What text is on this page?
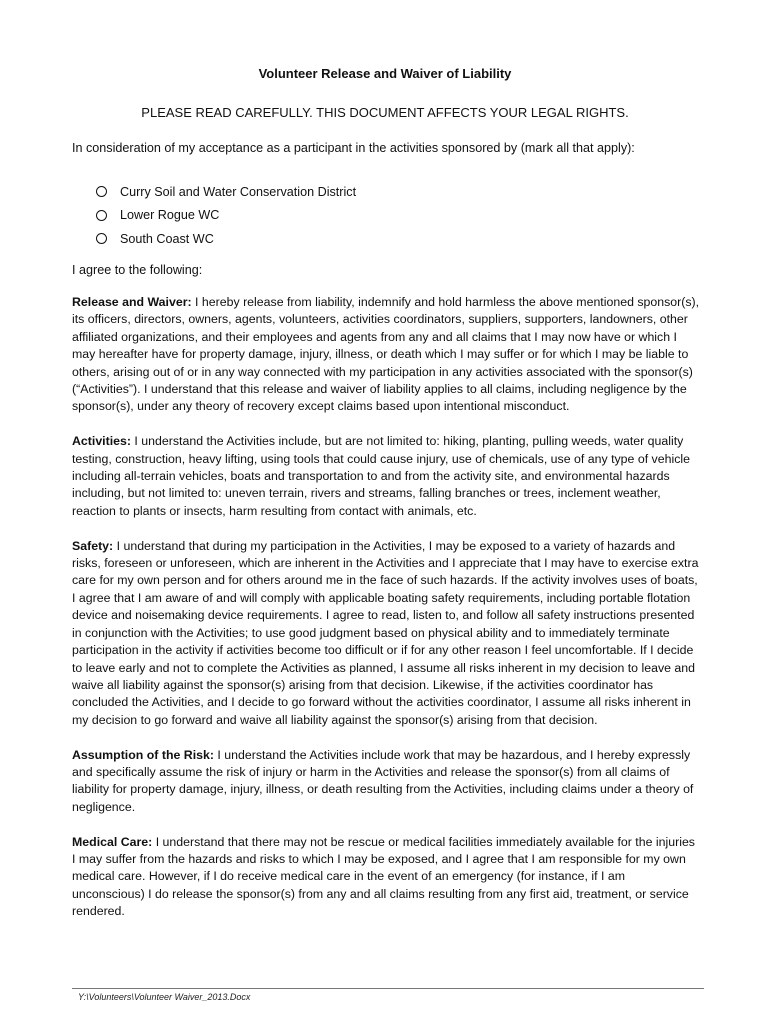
Volunteer Release and Waiver of Liability
PLEASE READ CAREFULLY. THIS DOCUMENT AFFECTS YOUR LEGAL RIGHTS.
In consideration of my acceptance as a participant in the activities sponsored by (mark all that apply):
Curry Soil and Water Conservation District
Lower Rogue WC
South Coast WC
I agree to the following:

Release and Waiver: I hereby release from liability, indemnify and hold harmless the above mentioned sponsor(s), its officers, directors, owners, agents, volunteers, activities coordinators, suppliers, supporters, landowners, other affiliated organizations, and their employees and agents from any and all claims that I may now have or which I may hereafter have for property damage, injury, illness, or death which I may suffer or for which I may be liable to others, arising out of or in any way connected with my participation in any activities associated with the sponsor(s) (“Activities”). I understand that this release and waiver of liability applies to all claims, including negligence by the sponsor(s), under any theory of recovery except claims based upon intentional misconduct.

Activities: I understand the Activities include, but are not limited to: hiking, planting, pulling weeds, water quality testing, construction, heavy lifting, using tools that could cause injury, use of chemicals, use of any type of vehicle including all-terrain vehicles, boats and transportation to and from the activity site, and environmental hazards including, but not limited to: uneven terrain, rivers and streams, falling branches or trees, inclement weather, reaction to plants or insects, harm resulting from contact with animals, etc.

Safety: I understand that during my participation in the Activities, I may be exposed to a variety of hazards and risks, foreseen or unforeseen, which are inherent in the Activities and I appreciate that I may have to exercise extra care for my own person and for others around me in the face of such hazards. If the activity involves uses of boats, I agree that I am aware of and will comply with applicable boating safety requirements, including portable flotation device and noisemaking device requirements. I agree to read, listen to, and follow all safety instructions presented in conjunction with the Activities; to use good judgment based on physical ability and to immediately terminate participation in the activity if activities become too difficult or if for any other reason I feel uncomfortable. If I decide to leave early and not to complete the Activities as planned, I assume all risks inherent in my decision to leave and waive all liability against the sponsor(s) arising from that decision. Likewise, if the activities coordinator has concluded the Activities, and I decide to go forward without the activities coordinator, I assume all risks inherent in my decision to go forward and waive all liability against the sponsor(s) arising from that decision.

Assumption of the Risk: I understand the Activities include work that may be hazardous, and I hereby expressly and specifically assume the risk of injury or harm in the Activities and release the sponsor(s) from all claims of liability for property damage, injury, illness, or death resulting from the Activities, including claims under a theory of negligence.

Medical Care: I understand that there may not be rescue or medical facilities immediately available for the injuries I may suffer from the hazards and risks to which I may be exposed, and I agree that I am responsible for my own medical care. However, if I do receive medical care in the event of an emergency (for instance, if I am unconscious) I do release the sponsor(s) from any and all claims resulting from any first aid, treatment, or service rendered.

Y:\Volunteers\Volunteer Waiver_2013.Docx
